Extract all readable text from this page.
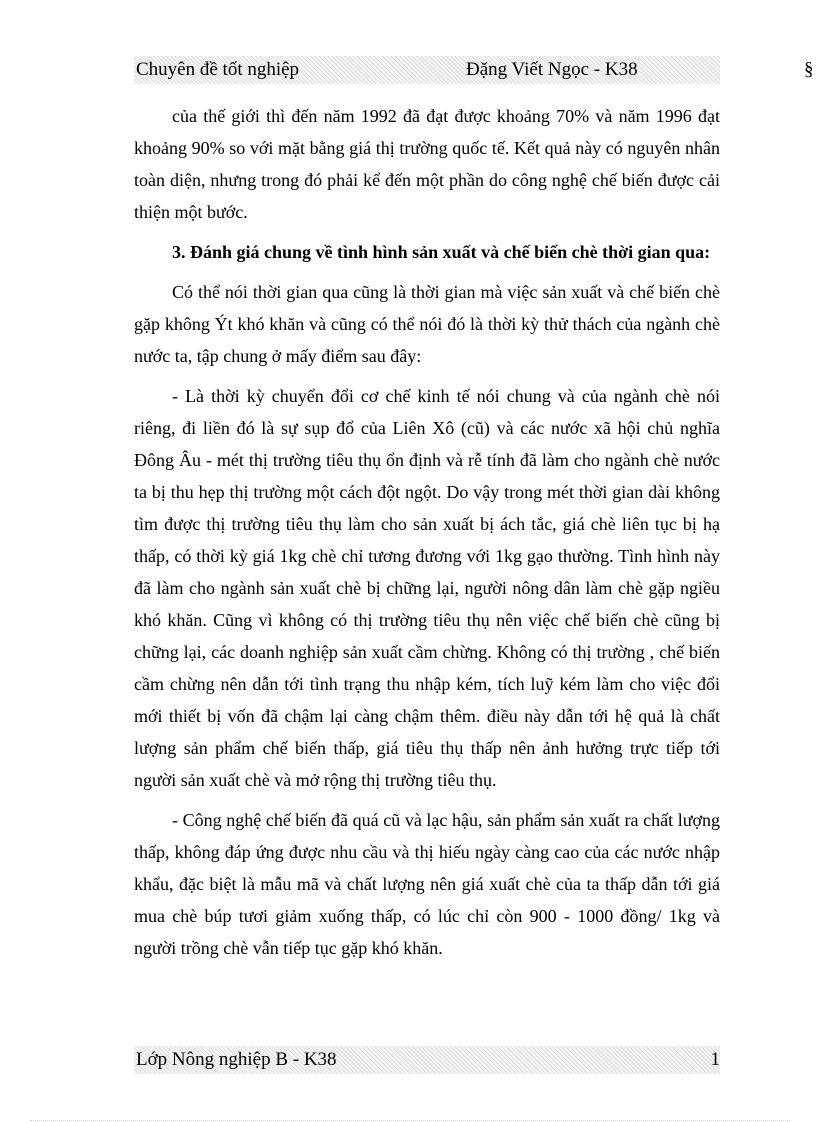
Chuyên đề tốt nghiệp	Đặng Viết Ngọc - K38	§

của thế giới thì đến năm 1992 đã đạt được khoảng 70% và năm 1996 đạt khoảng 90% so với mặt bằng giá thị trường quốc tế. Kết quả này có nguyên nhân toàn diện, nhưng trong đó phải kể đến một phần do công nghệ chế biến được cải thiện một bước.

3. Đánh giá chung về tình hình sản xuất và chế biến chè thời gian qua:

Có thể nói thời gian qua cũng là thời gian mà việc sản xuất và chế biến chè gặp không Ýt khó khăn và cũng có thể nói đó là thời kỳ thử thách của ngành chè nước ta, tập chung ở mấy điểm sau đây:

- Là thời kỳ chuyển đổi cơ chế kinh tế nói chung và của ngành chè nói riêng, đi liền đó là sự sụp đổ của Liên Xô (cũ) và các nước xã hội chủ nghĩa Đông Âu - mét thị trường tiêu thụ ổn định và rễ tính đã làm cho ngành chè nước ta bị thu hẹp thị trường một cách đột ngột. Do vậy trong mét thời gian dài không tìm được thị trường tiêu thụ làm cho sản xuất bị ách tắc, giá chè liên tục bị hạ thấp, có thời kỳ giá 1kg chè chỉ tương đương với 1kg gạo thường. Tình hình này đã làm cho ngành sản xuất chè bị chững lại, người nông dân làm chè gặp ngiều khó khăn. Cũng vì không có thị trường tiêu thụ nên việc chế biến chè cũng bị chững lại, các doanh nghiệp sản xuất cầm chừng. Không có thị trường , chế biến cầm chừng nên dẫn tới tình trạng thu nhập kém, tích luỹ kém làm cho việc đổi mới thiết bị vốn đã chậm lại càng chậm thêm. điều này dẫn tới hệ quả là chất lượng sản phẩm chế biến thấp, giá tiêu thụ thấp nên ảnh hưởng trực tiếp tới người sản xuất chè và mở rộng thị trường tiêu thụ.

- Công nghệ chế biến đã quá cũ và lạc hậu, sản phẩm sản xuất ra chất lượng thấp, không đáp ứng được nhu cầu và thị hiếu ngày càng cao của các nước nhập khẩu, đặc biệt là mẫu mã và chất lượng nên giá xuất chè của ta thấp dẫn tới giá mua chè búp tươi giảm xuống thấp, có lúc chỉ còn 900 - 1000 đồng/ 1kg và người trồng chè vẫn tiếp tục gặp khó khăn.

Lớp Nông nghiệp B - K38	1
